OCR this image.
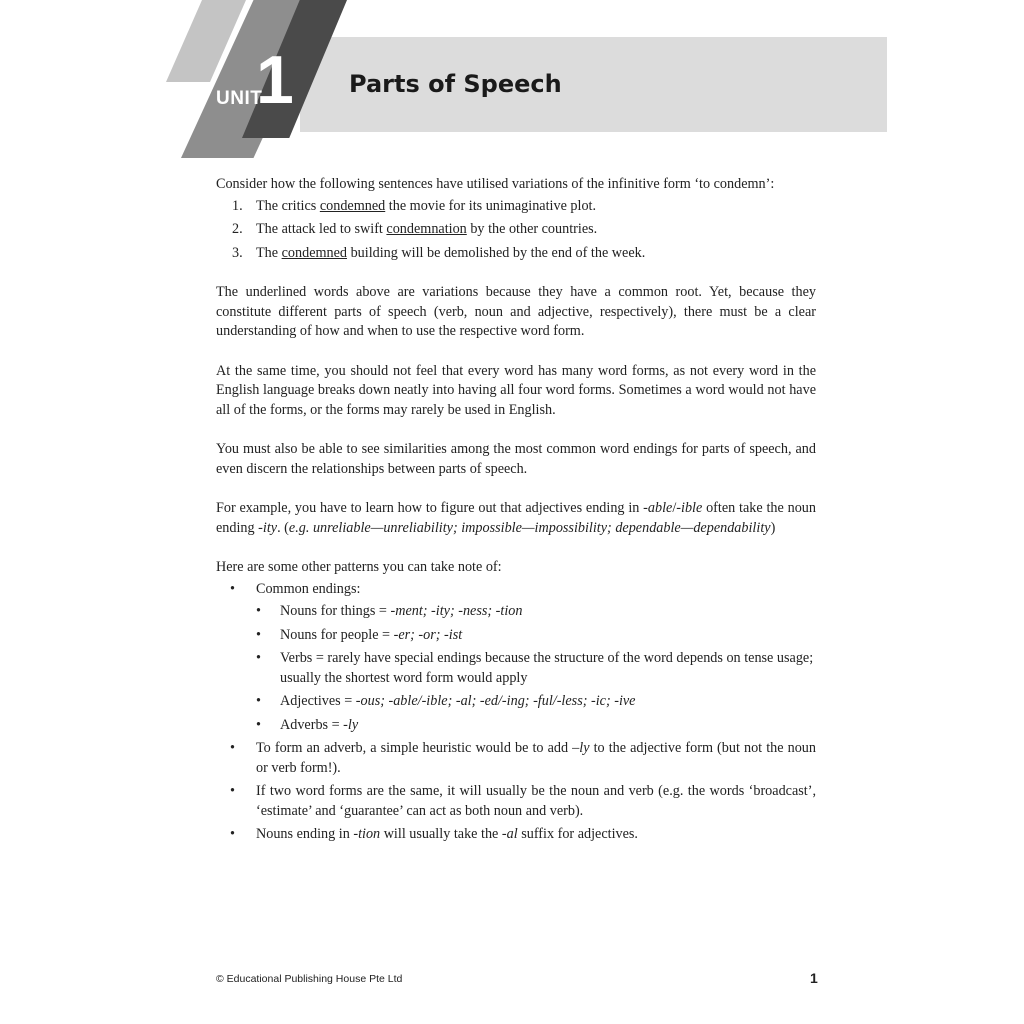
UNIT
1 Parts of Speech

Consider how the following sentences have utilised variations of the infinitive form ‘to condemn’:

1. The critics condemned the movie for its unimaginative plot.
2. The attack led to swift condemnation by the other countries.
3. The condemned building will be demolished by the end of the week.

The underlined words above are variations because they have a common root. Yet, because they constitute different parts of speech (verb, noun and adjective, respectively), there must be a clear understanding of how and when to use the respective word form.

At the same time, you should not feel that every word has many word forms, as not every word in the English language breaks down neatly into having all four word forms. Sometimes a word would not have all of the forms, or the forms may rarely be used in English.

You must also be able to see similarities among the most common word endings for parts of speech, and even discern the relationships between parts of speech.

For example, you have to learn how to figure out that adjectives ending in -able/-ible often take the noun ending -ity. (e.g. unreliable—unreliability; impossible—impossibility; dependable—dependability)

Here are some other patterns you can take note of:

• Common endings:
• Nouns for things = -ment; -ity; -ness; -tion
• Nouns for people = -er; -or; -ist
• Verbs = rarely have special endings because the structure of the word depends on tense usage; usually the shortest word form would apply
• Adjectives = -ous; -able/-ible; -al; -ed/-ing; -ful/-less; -ic; -ive
• Adverbs = -ly
• To form an adverb, a simple heuristic would be to add –ly to the adjective form (but not the noun or verb form!).
• If two word forms are the same, it will usually be the noun and verb (e.g. the words ‘broadcast’, ‘estimate’ and ‘guarantee’ can act as both noun and verb).
• Nouns ending in -tion will usually take the -al suffix for adjectives.
© Educational Publishing House Pte Ltd	1
